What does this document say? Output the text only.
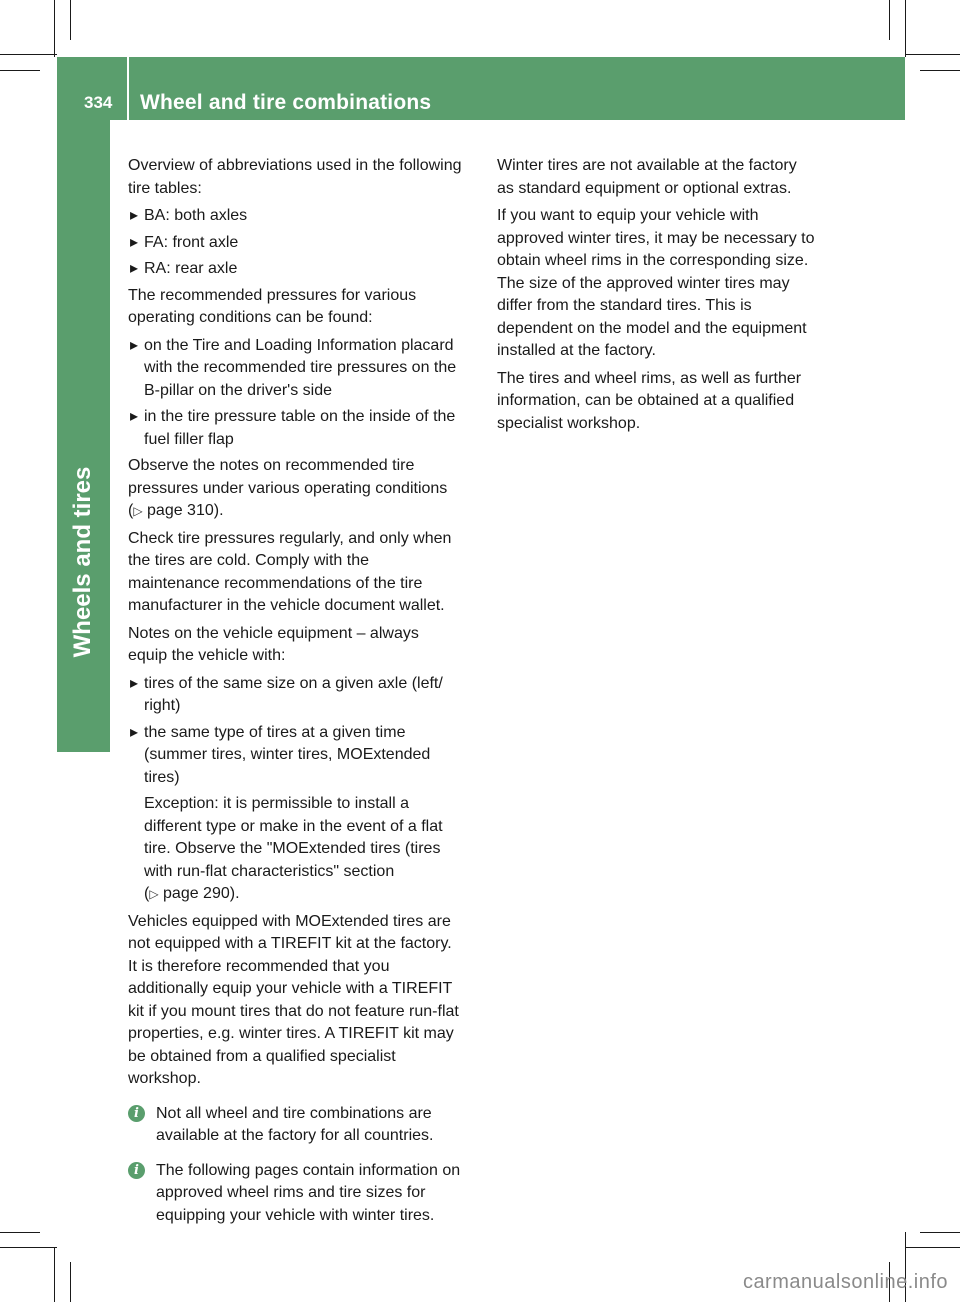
334 Wheel and tire combinations
Wheels and tires

Overview of abbreviations used in the following tire tables:

▸ BA: both axles
▸ FA: front axle
▸ RA: rear axle

The recommended pressures for various operating conditions can be found:

▸ on the Tire and Loading Information placard with the recommended tire pressures on the B-pillar on the driver's side
▸ in the tire pressure table on the inside of the fuel filler flap

Observe the notes on recommended tire pressures under various operating conditions (▷ page 310).

Check tire pressures regularly, and only when the tires are cold. Comply with the maintenance recommendations of the tire manufacturer in the vehicle document wallet.

Notes on the vehicle equipment – always equip the vehicle with:

▸ tires of the same size on a given axle (left/ right)
▸ the same type of tires at a given time (summer tires, winter tires, MOExtended tires)

Exception: it is permissible to install a different type or make in the event of a flat tire. Observe the "MOExtended tires (tires with run-flat characteristics" section
(▷ page 290).

Vehicles equipped with MOExtended tires are not equipped with a TIREFIT kit at the factory. It is therefore recommended that you additionally equip your vehicle with a TIREFIT kit if you mount tires that do not feature run-flat properties, e.g. winter tires. A TIREFIT kit may be obtained from a qualified specialist workshop.

i	Not all wheel and tire combinations are available at the factory for all countries.
i	The following pages contain information on approved wheel rims and tire sizes for equipping your vehicle with winter tires.

Winter tires are not available at the factory as standard equipment or optional extras.

If you want to equip your vehicle with approved winter tires, it may be necessary to obtain wheel rims in the corresponding size. The size of the approved winter tires may differ from the standard tires. This is dependent on the model and the equipment installed at the factory.

The tires and wheel rims, as well as further information, can be obtained at a qualified specialist workshop.

carmanualsonline.info
